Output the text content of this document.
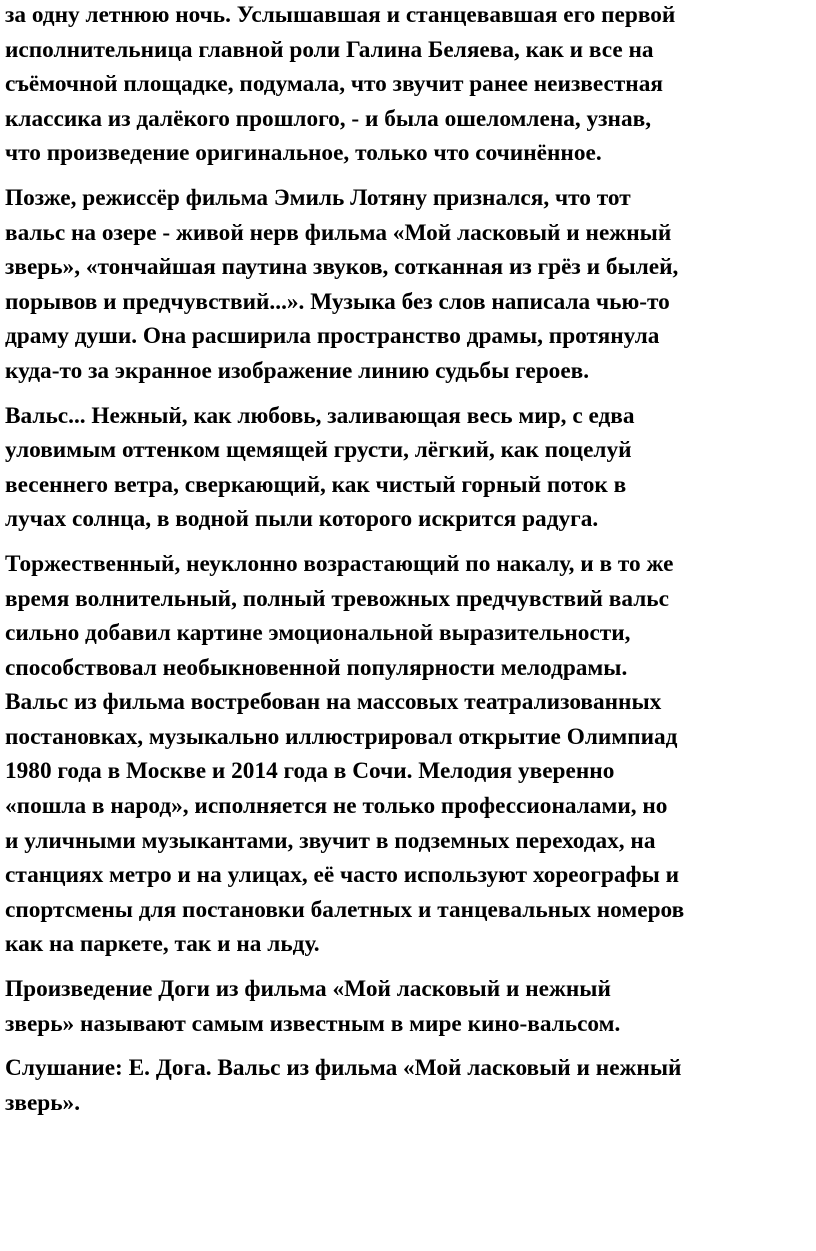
за одну летнюю ночь. Услышавшая и станцевавшая его первой
исполнительница главной роли Галина Беляева, как и все на
съёмочной площадке, подумала, что звучит ранее неизвестная
классика из далёкого прошлого, - и была ошеломлена, узнав,
что произведение оригинальное, только что сочинённое.
Позже, режиссёр фильма Эмиль Лотяну признался, что тот
вальс на озере - живой нерв фильма «Мой ласковый и нежный
зверь», «тончайшая паутина звуков, сотканная из грёз и былей,
порывов и предчувствий...». Музыка без слов написала чью-то
драму души. Она расширила пространство драмы, протянула
куда-то за экранное изображение линию судьбы героев.
Вальс... Нежный, как любовь, заливающая весь мир, с едва
уловимым оттенком щемящей грусти, лёгкий, как поцелуй
весеннего ветра, сверкающий, как чистый горный поток в
лучах солнца, в водной пыли которого искрится радуга.
Торжественный, неуклонно возрастающий по накалу, и в то же
время волнительный, полный тревожных предчувствий вальс
сильно добавил картине эмоциональной выразительности,
способствовал необыкновенной популярности мелодрамы.
Вальс из фильма востребован на массовых театрализованных
постановках, музыкально иллюстрировал открытие Олимпиад
1980 года в Москве и 2014 года в Сочи. Мелодия уверенно
«пошла в народ», исполняется не только профессионалами, но
и уличными музыкантами, звучит в подземных переходах, на
станциях метро и на улицах, её часто используют хореографы и
спортсмены для постановки балетных и танцевальных номеров
как на паркете, так и на льду.
Произведение Доги из фильма «Мой ласковый и нежный
зверь» называют самым известным в мире кино-вальсом.
Слушание: Е. Дога. Вальс из фильма «Мой ласковый и нежный
зверь».
